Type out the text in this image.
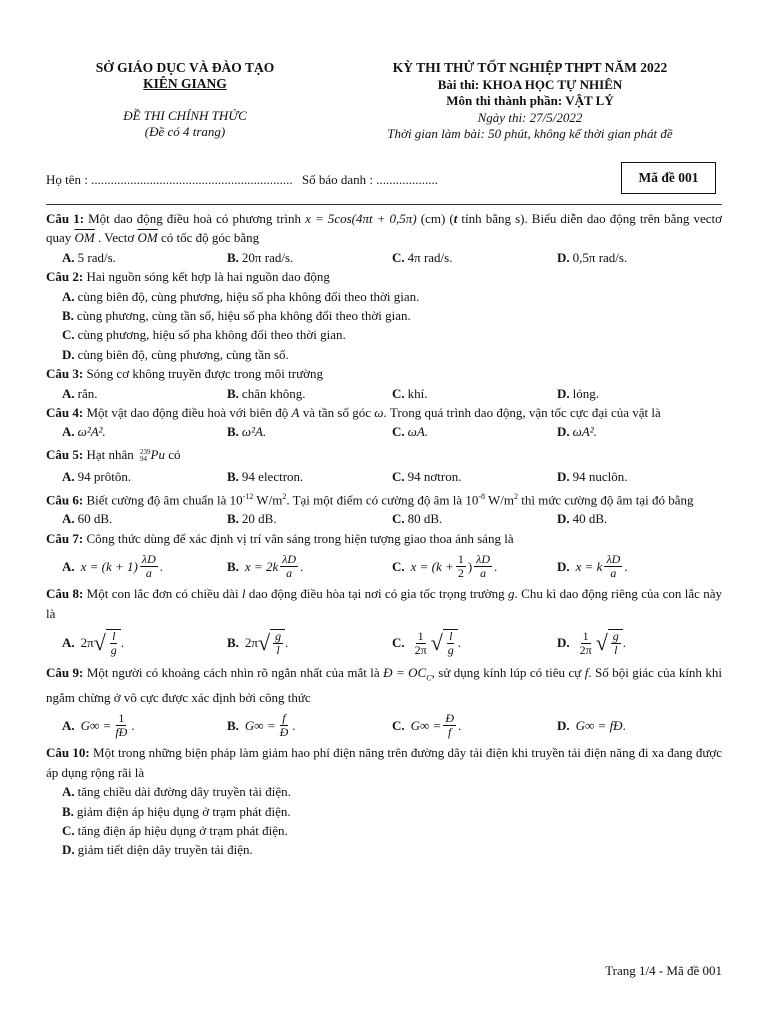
SỞ GIÁO DỤC VÀ ĐÀO TẠO
KIÊN GIANG
ĐỀ THI CHÍNH THỨC
(Đề có 4 trang)
KỲ THI THỬ TỐT NGHIỆP THPT NĂM 2022
Bài thi: KHOA HỌC TỰ NHIÊN
Môn thi thành phần: VẬT LÝ
Ngày thi: 27/5/2022
Thời gian làm bài: 50 phút, không kể thời gian phát đề
Họ tên : .............................................................. Số báo danh : ...................	Mã đề 001
Câu 1: Một dao động điều hoà có phương trình x = 5cos(4πt + 0,5π) (cm) (t tính bằng s). Biểu diễn dao động trên bằng vectơ quay $\overline{OM}$ . Vectơ $\overline{OM}$ có tốc độ góc bằng
A. 5 rad/s.	B. 20π rad/s.	C. 4π rad/s.	D. 0,5π rad/s.
Câu 2: Hai nguồn sóng kết hợp là hai nguồn dao động
A. cùng biên độ, cùng phương, hiệu số pha không đổi theo thời gian.
B. cùng phương, cùng tần số, hiệu số pha không đổi theo thời gian.
C. cùng phương, hiệu số pha không đổi theo thời gian.
D. cùng biên độ, cùng phương, cùng tần số.
Câu 3: Sóng cơ không truyền được trong môi trường
A. rắn.	B. chân không.	C. khí.	D. lỏng.
Câu 4: Một vật dao động điều hoà với biên độ A và tần số góc ω. Trong quá trình dao động, vận tốc cực đại của vật là
A. ω²A².	B. ω²A.	C. ωA.	D. ωA².
Câu 5: Hạt nhân 239
94 Pu có
A. 94 prôtôn.	B. 94 electron.	C. 94 nơtron.	D. 94 nuclôn.
Câu 6: Biết cường độ âm chuẩn là $10^{-12}$ $W/m^2$. Tại một điểm có cường độ âm là $10^{-8}$ $W/m^2$ thì mức cường độ âm tại đó bằng
A. 60 dB.	B. 20 dB.	C. 80 dB.	D. 40 dB.
Câu 7: Công thức dùng để xác định vị trí vân sáng trong hiện tượng giao thoa ánh sáng là
A. $x = (k + 1) \frac{\lambda D}{a}$ .	B. $x = 2k \frac{\lambda D}{a}$ .	C. $x = (k + \frac{1}{2}$ ) $\frac{\lambda D}{a}$ .	D. x = k $\frac{\lambda D}{a}$ .
Câu 8: Một con lắc đơn có chiều dài l dao động điều hòa tại nơi có gia tốc trọng trường g. Chu kì dao động riêng của con lắc này là
A. 2π √ $\frac{l}{g}$ .	B. 2π √ $\frac{g}{l}$ .	C. $\frac{1}{2\pi}$ √ $\frac{l}{g}$ .	D. $\frac{1}{2\pi}$ √ $\frac{g}{l}$ .
Câu 9: Một người có khoảng cách nhìn rõ ngắn nhất của mắt là Đ = $OC_C$, sử dụng kính lúp có tiêu cự f. Số bội giác của kính khi ngắm chừng ở vô cực được xác định bởi công thức
A. $G\infty = \frac{1}{fĐ}$ .	B. $G\infty = \frac{f}{Đ}$ .	C. $G\infty = \frac{Đ}{f}$ .	D. G∞ = fĐ .
Câu 10: Một trong những biện pháp làm giảm hao phí điện năng trên đường dây tải điện khi truyền tải điện năng đi xa đang được áp dụng rộng rãi là
A. tăng chiều dài đường dây truyền tải điện.
B. giảm điện áp hiệu dụng ở trạm phát điện.
C. tăng điện áp hiệu dụng ở trạm phát điện.
D. giảm tiết diện dây truyền tải điện.
Trang 1/4 - Mã đề 001
